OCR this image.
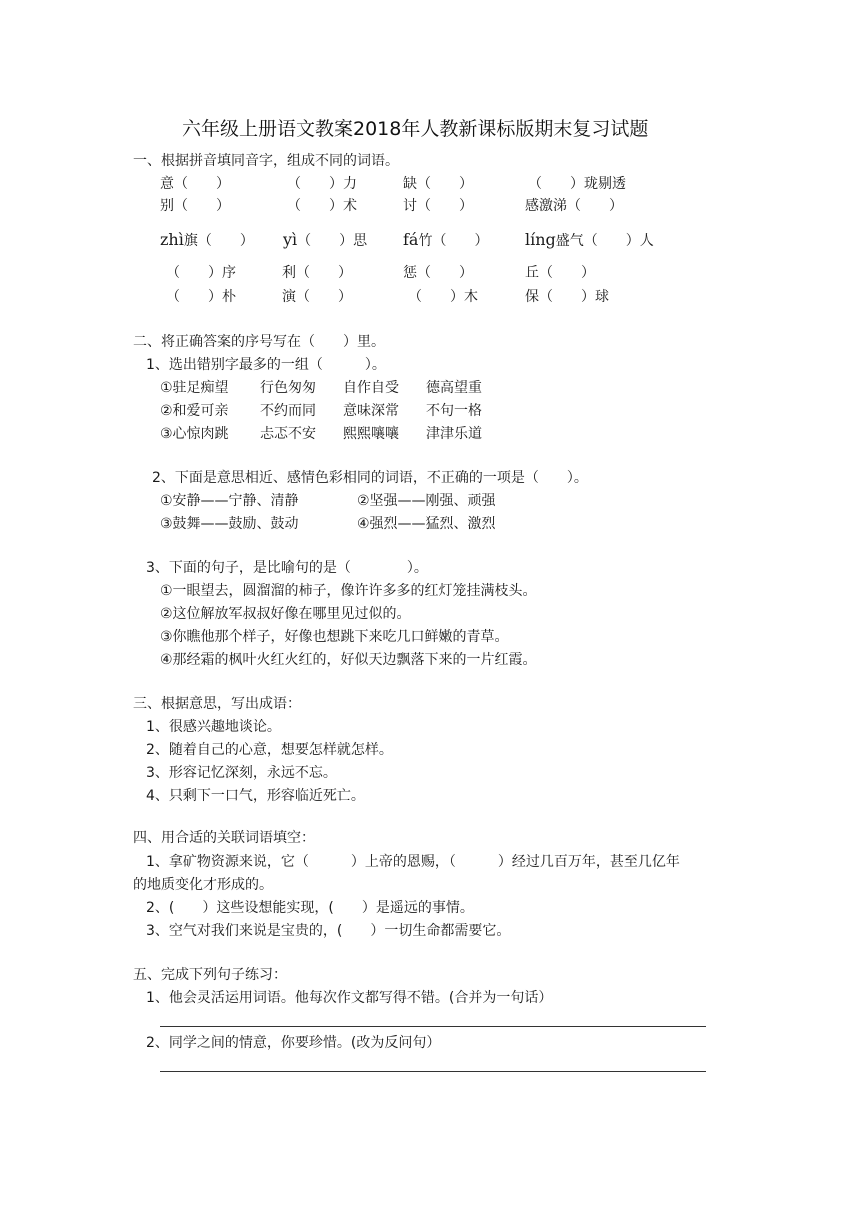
六年级上册语文教案2018年人教新课标版期末复习试题
一、根据拼音填同音字，组成不同的词语。
意（　　）	（　　）力	缺（　　）	（　　）珑剔透
别（　　）	（　　）术	讨（　　）	感激涕（　　）
zhì旗（　　） yì（　　）思 fá竹（　　） líng盛气（　　）人
（　　）序	利（　　）	惩（　　）	丘（　　）
（　　）朴	演（　　）	（　　）木	保（　　）球
二、将正确答案的序号写在（　　）里。
1、选出错别字最多的一组（　　　）。
①驻足痴望 行色匆匆 自作自受 德高望重
②和爱可亲 不约而同 意味深常 不句一格
③心惊肉跳 忐忑不安 熙熙嚷嚷 津津乐道
2、下面是意思相近、感情色彩相同的词语，不正确的一项是（　　）。
①安静——宁静、清静	②坚强——刚强、顽强
③鼓舞——鼓励、鼓动	④强烈——猛烈、激烈
3、下面的句子，是比喻句的是（　　　　）。
①一眼望去，圆溜溜的柿子，像许许多多的红灯笼挂满枝头。
②这位解放军叔叔好像在哪里见过似的。
③你瞧他那个样子，好像也想跳下来吃几口鲜嫩的青草。
④那经霜的枫叶火红火红的，好似天边飘落下来的一片红霞。
三、根据意思，写出成语：
1、很感兴趣地谈论。
2、随着自己的心意，想要怎样就怎样。
3、形容记忆深刻，永远不忘。
4、只剩下一口气，形容临近死亡。
四、用合适的关联词语填空：
1、拿矿物资源来说，它（　　　）上帝的恩赐，（　　　）经过几百万年，甚至几亿年
的地质变化才形成的。
2、(　　）这些设想能实现，(　　）是遥远的事情。
3、空气对我们来说是宝贵的，(　　）一切生命都需要它。
五、完成下列句子练习：
1、他会灵活运用词语。他每次作文都写得不错。(合并为一句话）
2、同学之间的情意，你要珍惜。(改为反问句）
